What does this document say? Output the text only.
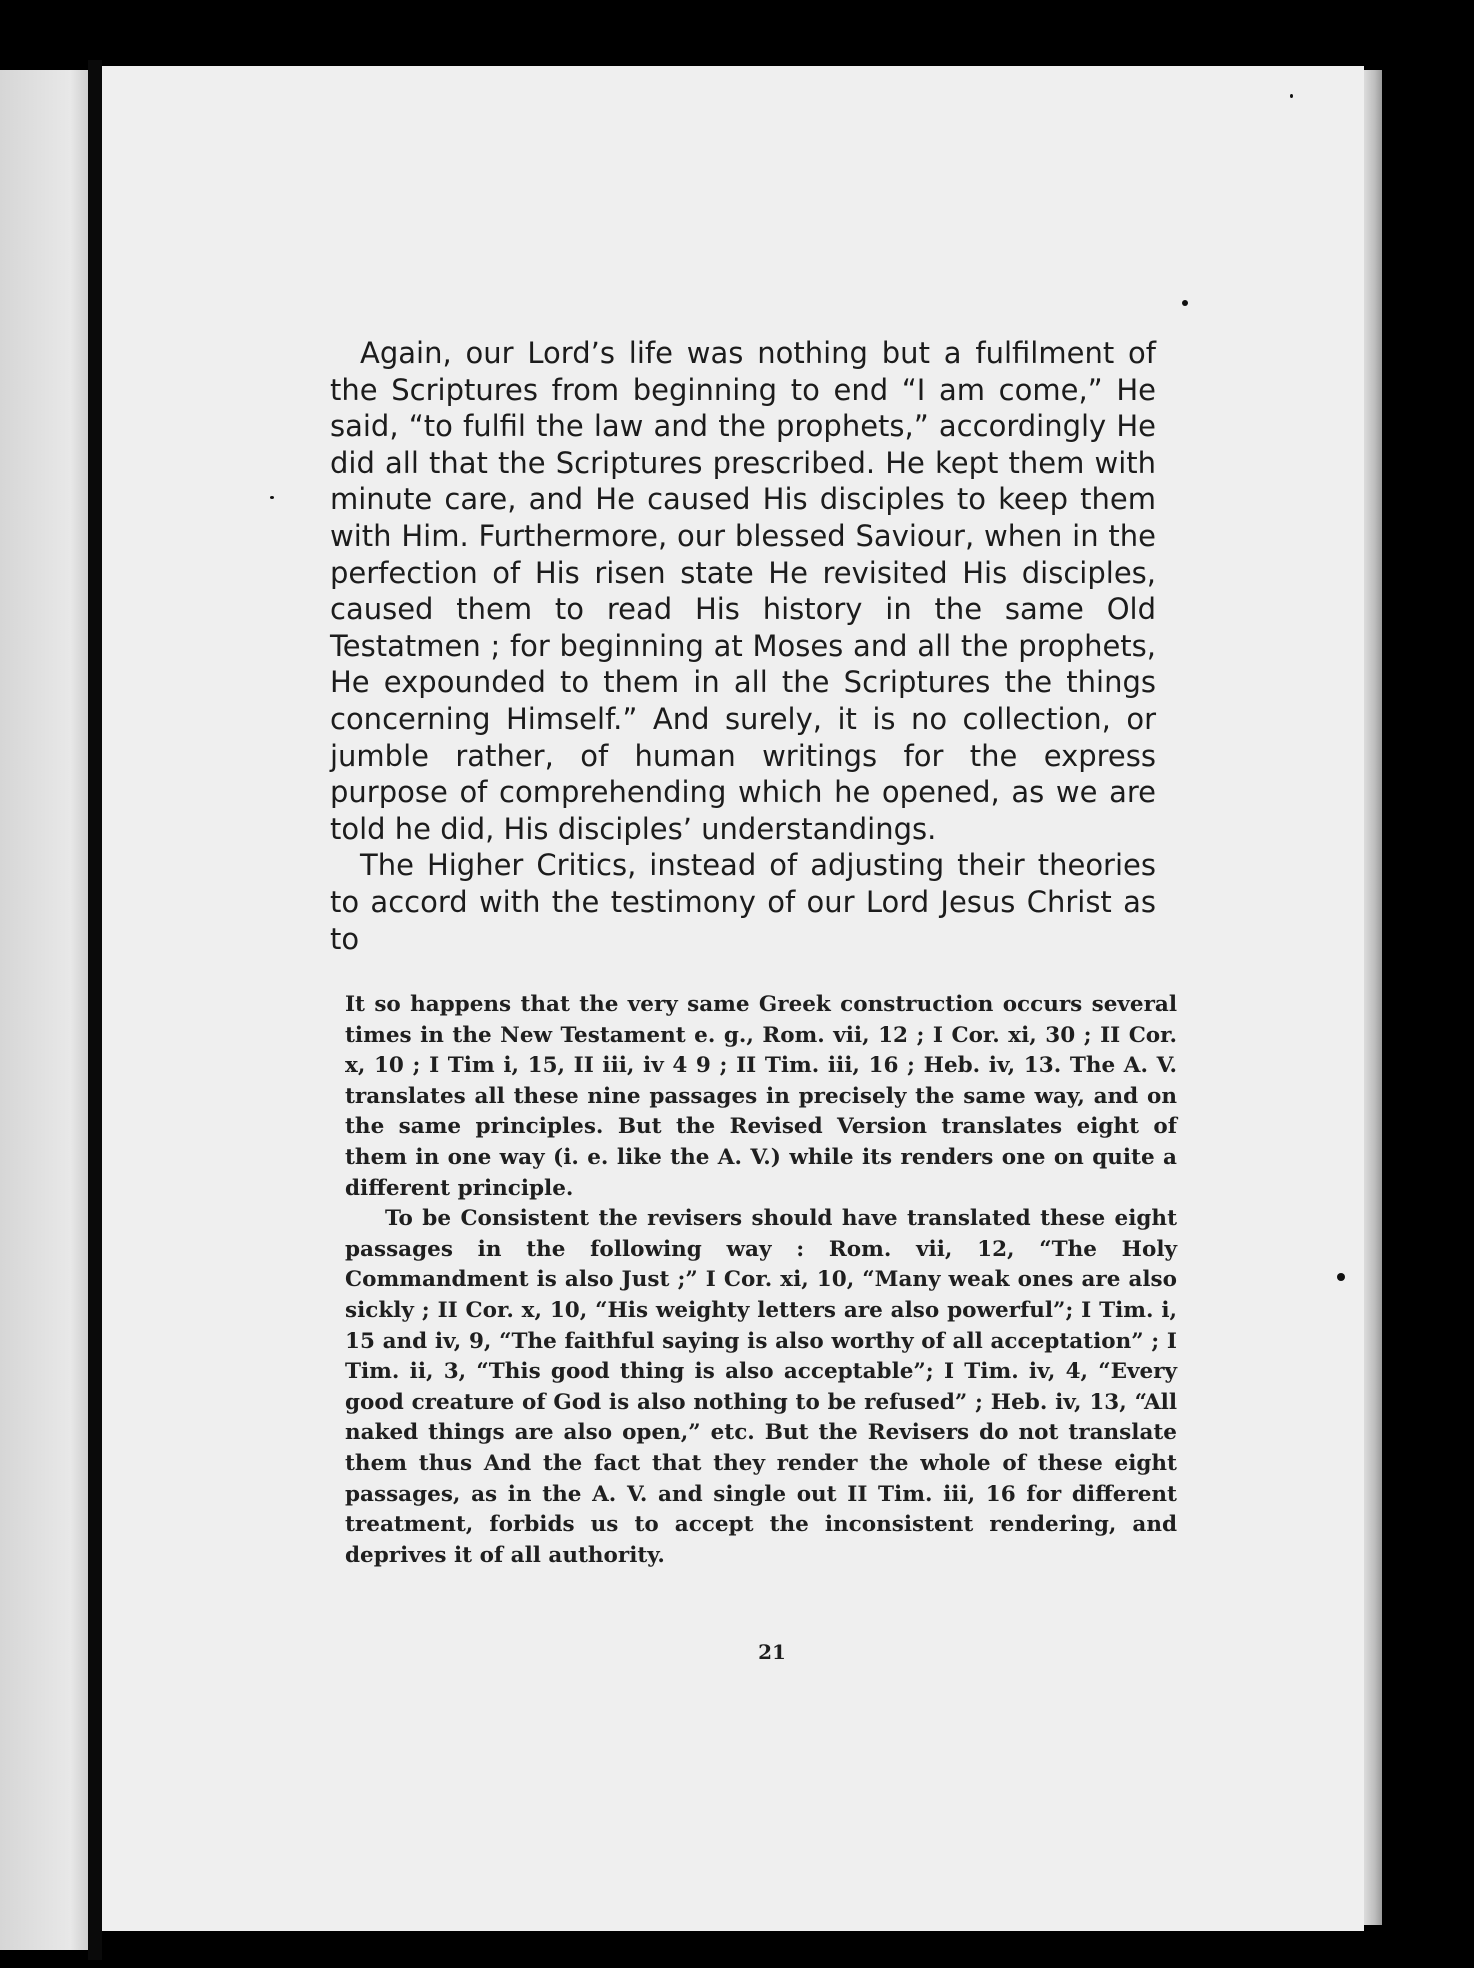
Again, our Lord’s life was nothing but a fulfilment of the Scriptures from beginning to end “I am come,” He said, “to fulfil the law and the prophets,” accordingly He did all that the Scriptures prescribed. He kept them with minute care, and He caused His disciples to keep them with Him. Furthermore, our blessed Saviour, when in the perfection of His risen state He revisited His disciples, caused them to read His history in the same Old Testatmen ; for beginning at Moses and all the prophets, He expounded to them in all the Scriptures the things concerning Himself.” And surely, it is no collection, or jumble rather, of human writings for the express purpose of comprehending which he opened, as we are told he did, His disciples’ understandings.

The Higher Critics, instead of adjusting their theories to accord with the testimony of our Lord Jesus Christ as to

It so happens that the very same Greek construction occurs several times in the New Testament e. g., Rom. vii, 12 ; I Cor. xi, 30 ; II Cor. x, 10 ; I Tim i, 15, II iii, iv 4 9 ; II Tim. iii, 16 ; Heb. iv, 13. The A. V. translates all these nine passages in precisely the same way, and on the same principles. But the Revised Version translates eight of them in one way (i. e. like the A. V.) while its renders one on quite a different principle.

To be Consistent the revisers should have translated these eight passages in the following way : Rom. vii, 12, “The Holy Commandment is also Just ;” I Cor. xi, 10, “Many weak ones are also sickly ; II Cor. x, 10, “His weighty letters are also powerful”; I Tim. i, 15 and iv, 9, “The faithful saying is also worthy of all acceptation” ; I Tim. ii, 3, “This good thing is also acceptable”; I Tim. iv, 4, “Every good creature of God is also nothing to be refused” ; Heb. iv, 13, “All naked things are also open,” etc. But the Revisers do not translate them thus And the fact that they render the whole of these eight passages, as in the A. V. and single out II Tim. iii, 16 for different treatment, forbids us to accept the inconsistent rendering, and deprives it of all authority.

21
